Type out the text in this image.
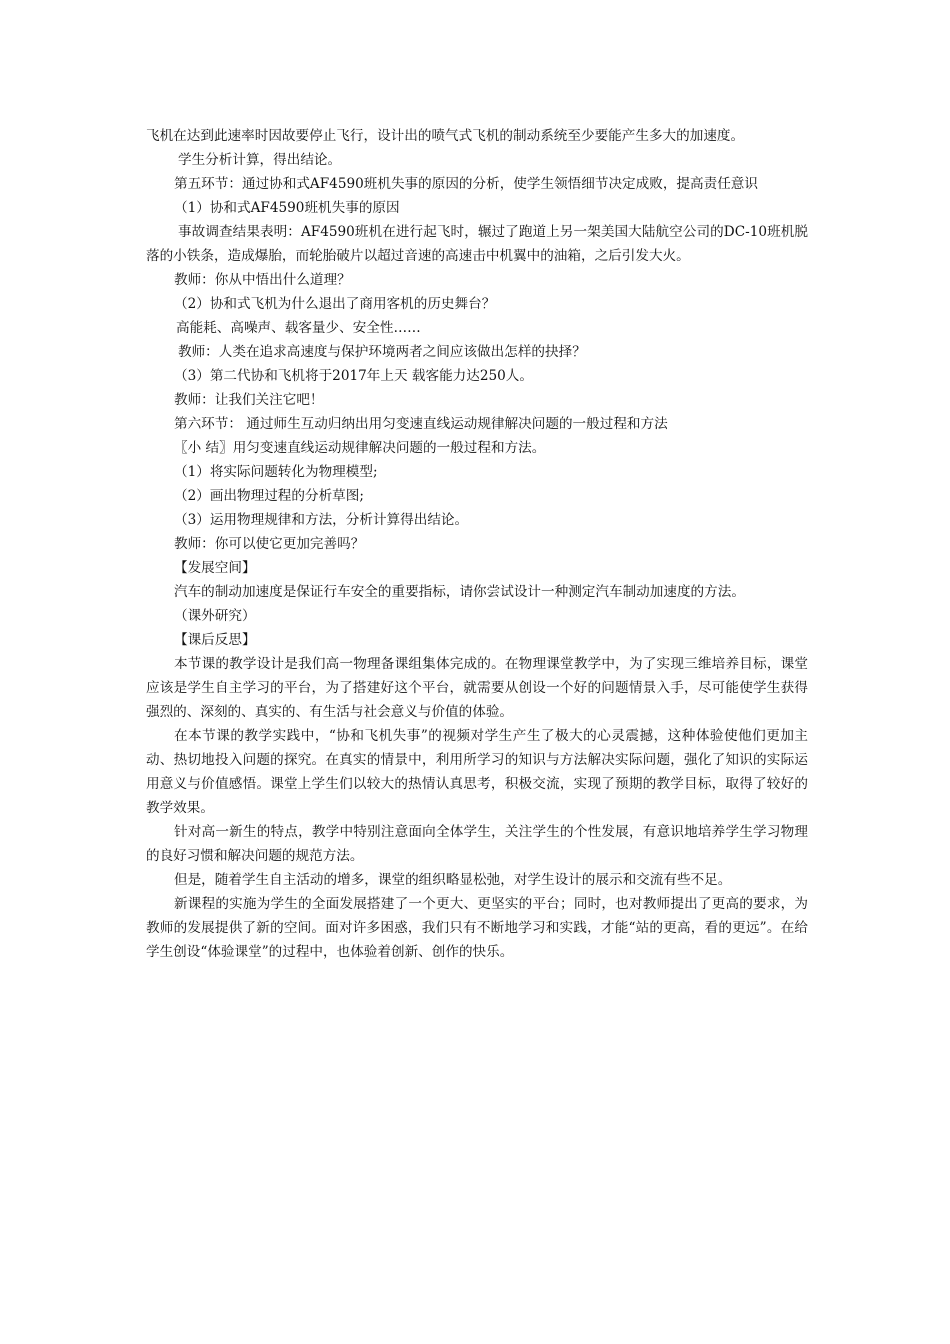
飞机在达到此速率时因故要停止飞行，设计出的喷气式飞机的制动系统至少要能产生多大的加速度。

学生分析计算，得出结论。

第五环节：通过协和式AF4590班机失事的原因的分析，使学生领悟细节决定成败，提高责任意识

（1）协和式AF4590班机失事的原因

事故调查结果表明：AF4590班机在进行起飞时，辗过了跑道上另一架美国大陆航空公司的DC-10班机脱落的小铁条，造成爆胎，而轮胎破片以超过音速的高速击中机翼中的油箱，之后引发大火。

教师：你从中悟出什么道理？

（2）协和式飞机为什么退出了商用客机的历史舞台？

高能耗、高噪声、载客量少、安全性……

教师：人类在追求高速度与保护环境两者之间应该做出怎样的抉择？

（3）第二代协和飞机将于2017年上天 载客能力达250人。

教师：让我们关注它吧！

第六环节： 通过师生互动归纳出用匀变速直线运动规律解决问题的一般过程和方法

〖小 结〗用匀变速直线运动规律解决问题的一般过程和方法。

（1）将实际问题转化为物理模型;

（2）画出物理过程的分析草图;

（3）运用物理规律和方法，分析计算得出结论。

教师：你可以使它更加完善吗？

【发展空间】

汽车的制动加速度是保证行车安全的重要指标，请你尝试设计一种测定汽车制动加速度的方法。

（课外研究）

【课后反思】

本节课的教学设计是我们高一物理备课组集体完成的。在物理课堂教学中，为了实现三维培养目标，课堂应该是学生自主学习的平台，为了搭建好这个平台，就需要从创设一个好的问题情景入手，尽可能使学生获得强烈的、深刻的、真实的、有生活与社会意义与价值的体验。

在本节课的教学实践中，“协和飞机失事”的视频对学生产生了极大的心灵震撼，这种体验使他们更加主动、热切地投入问题的探究。在真实的情景中，利用所学习的知识与方法解决实际问题，强化了知识的实际运用意义与价值感悟。课堂上学生们以较大的热情认真思考，积极交流，实现了预期的教学目标，取得了较好的教学效果。

针对高一新生的特点，教学中特别注意面向全体学生，关注学生的个性发展，有意识地培养学生学习物理的良好习惯和解决问题的规范方法。

但是，随着学生自主活动的增多，课堂的组织略显松弛，对学生设计的展示和交流有些不足。

新课程的实施为学生的全面发展搭建了一个更大、更坚实的平台；同时，也对教师提出了更高的要求，为教师的发展提供了新的空间。面对许多困惑，我们只有不断地学习和实践，才能“站的更高，看的更远”。在给学生创设“体验课堂”的过程中，也体验着创新、创作的快乐。
